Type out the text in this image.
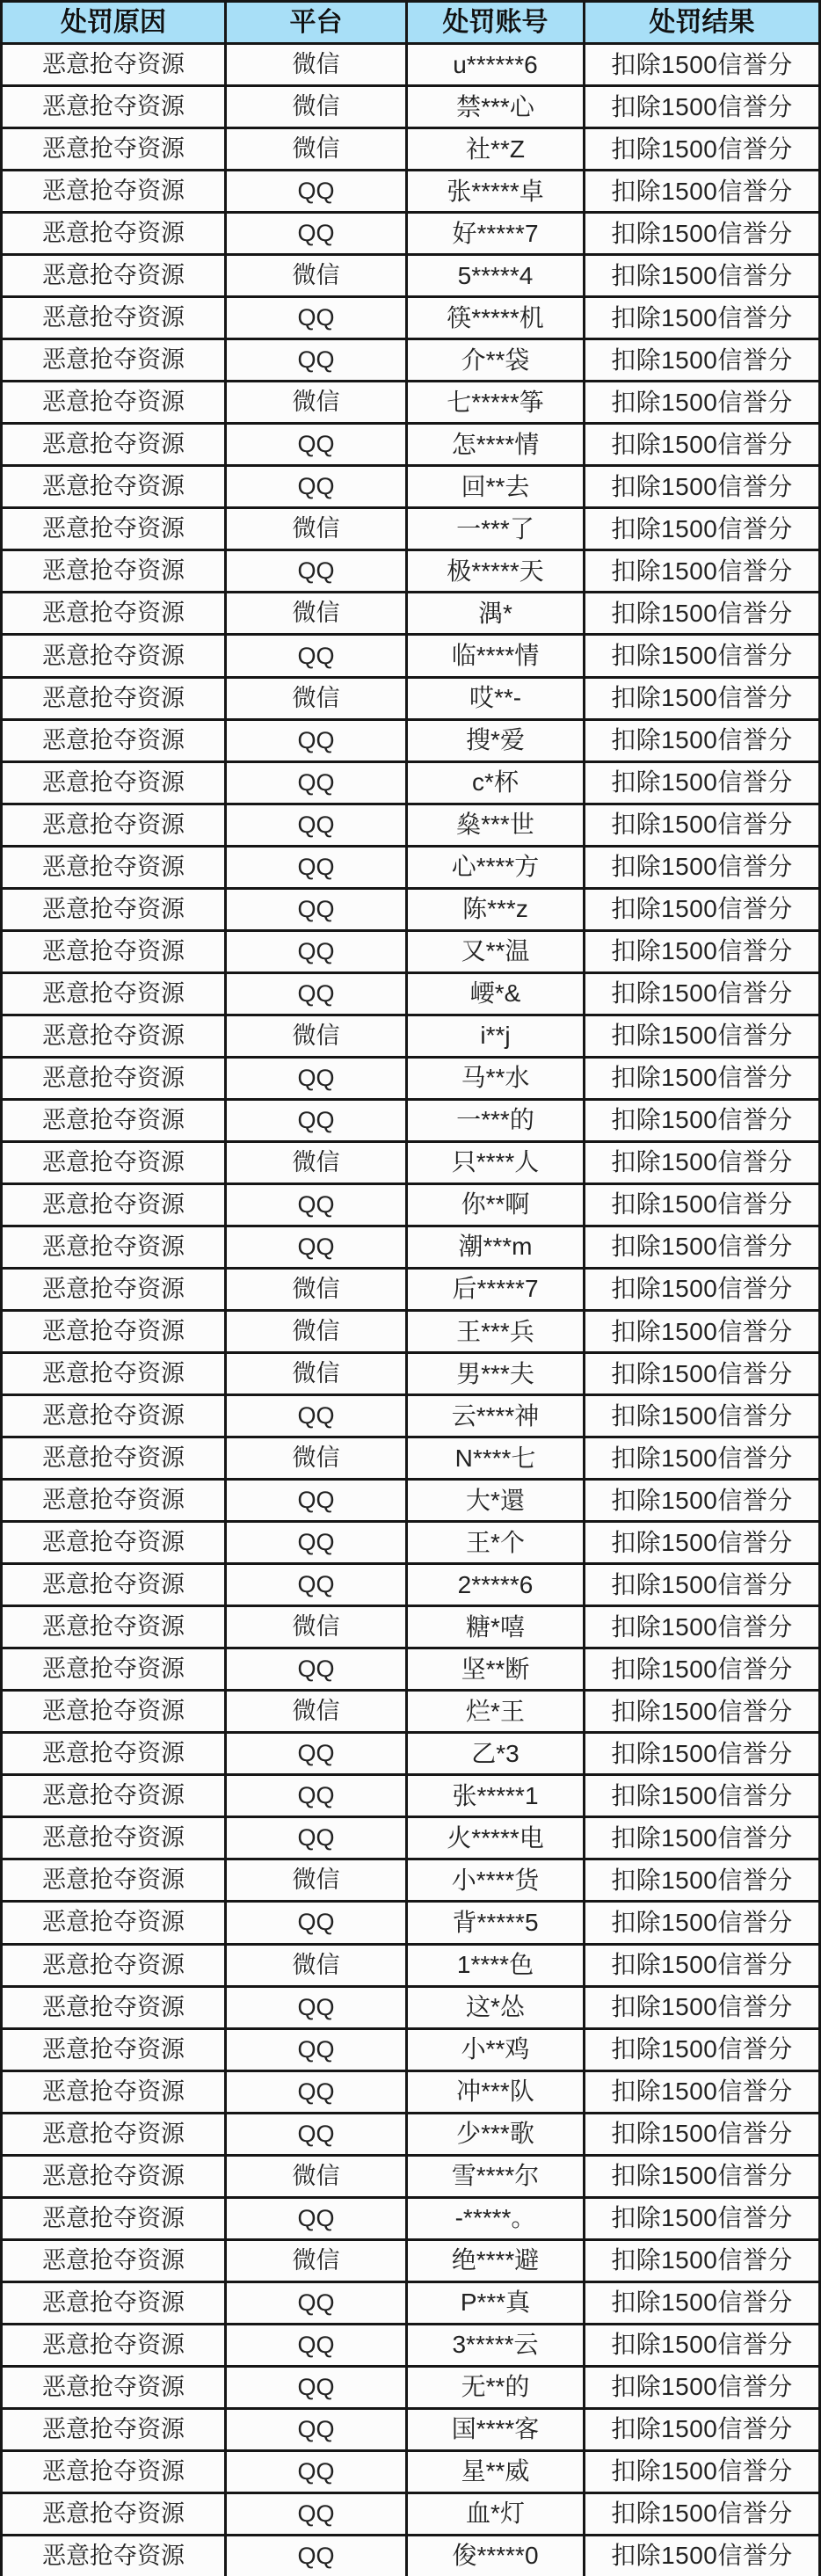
处罚原因	平台	处罚账号	处罚结果
恶意抢夺资源	微信	u******6	扣除1500信誉分
恶意抢夺资源	微信	禁***心	扣除1500信誉分
恶意抢夺资源	微信	社**Z	扣除1500信誉分
恶意抢夺资源	QQ	张*****卓	扣除1500信誉分
恶意抢夺资源	QQ	好*****7	扣除1500信誉分
恶意抢夺资源	微信	5*****4	扣除1500信誉分
恶意抢夺资源	QQ	筷*****机	扣除1500信誉分
恶意抢夺资源	QQ	介**袋	扣除1500信誉分
恶意抢夺资源	微信	七*****筝	扣除1500信誉分
恶意抢夺资源	QQ	怎****情	扣除1500信誉分
恶意抢夺资源	QQ	回**去	扣除1500信誉分
恶意抢夺资源	微信	一***了	扣除1500信誉分
恶意抢夺资源	QQ	极*****天	扣除1500信誉分
恶意抢夺资源	微信	湡*	扣除1500信誉分
恶意抢夺资源	QQ	临****情	扣除1500信誉分
恶意抢夺资源	微信	哎**-	扣除1500信誉分
恶意抢夺资源	QQ	搜*爱	扣除1500信誉分
恶意抢夺资源	QQ	c*杯	扣除1500信誉分
恶意抢夺资源	QQ	燊***世	扣除1500信誉分
恶意抢夺资源	QQ	心****方	扣除1500信誉分
恶意抢夺资源	QQ	陈***z	扣除1500信誉分
恶意抢夺资源	QQ	又**温	扣除1500信誉分
恶意抢夺资源	QQ	崾*&	扣除1500信誉分
恶意抢夺资源	微信	i**j	扣除1500信誉分
恶意抢夺资源	QQ	马**水	扣除1500信誉分
恶意抢夺资源	QQ	一***的	扣除1500信誉分
恶意抢夺资源	微信	只****人	扣除1500信誉分
恶意抢夺资源	QQ	你**啊	扣除1500信誉分
恶意抢夺资源	QQ	潮***m	扣除1500信誉分
恶意抢夺资源	微信	后*****7	扣除1500信誉分
恶意抢夺资源	微信	王***兵	扣除1500信誉分
恶意抢夺资源	微信	男***夫	扣除1500信誉分
恶意抢夺资源	QQ	云****神	扣除1500信誉分
恶意抢夺资源	微信	N****七	扣除1500信誉分
恶意抢夺资源	QQ	大*還	扣除1500信誉分
恶意抢夺资源	QQ	王*个	扣除1500信誉分
恶意抢夺资源	QQ	2*****6	扣除1500信誉分
恶意抢夺资源	微信	糖*嘻	扣除1500信誉分
恶意抢夺资源	QQ	坚**断	扣除1500信誉分
恶意抢夺资源	微信	烂*王	扣除1500信誉分
恶意抢夺资源	QQ	乙*3	扣除1500信誉分
恶意抢夺资源	QQ	张*****1	扣除1500信誉分
恶意抢夺资源	QQ	火*****电	扣除1500信誉分
恶意抢夺资源	微信	小****货	扣除1500信誉分
恶意抢夺资源	QQ	背*****5	扣除1500信誉分
恶意抢夺资源	微信	1****色	扣除1500信誉分
恶意抢夺资源	QQ	这*怂	扣除1500信誉分
恶意抢夺资源	QQ	小**鸡	扣除1500信誉分
恶意抢夺资源	QQ	冲***队	扣除1500信誉分
恶意抢夺资源	QQ	少***歌	扣除1500信誉分
恶意抢夺资源	微信	雪****尔	扣除1500信誉分
恶意抢夺资源	QQ	-*****。	扣除1500信誉分
恶意抢夺资源	微信	绝****避	扣除1500信誉分
恶意抢夺资源	QQ	P***真	扣除1500信誉分
恶意抢夺资源	QQ	3*****云	扣除1500信誉分
恶意抢夺资源	QQ	无**的	扣除1500信誉分
恶意抢夺资源	QQ	国****客	扣除1500信誉分
恶意抢夺资源	QQ	星**威	扣除1500信誉分
恶意抢夺资源	QQ	血*灯	扣除1500信誉分
恶意抢夺资源	QQ	俊*****0	扣除1500信誉分
